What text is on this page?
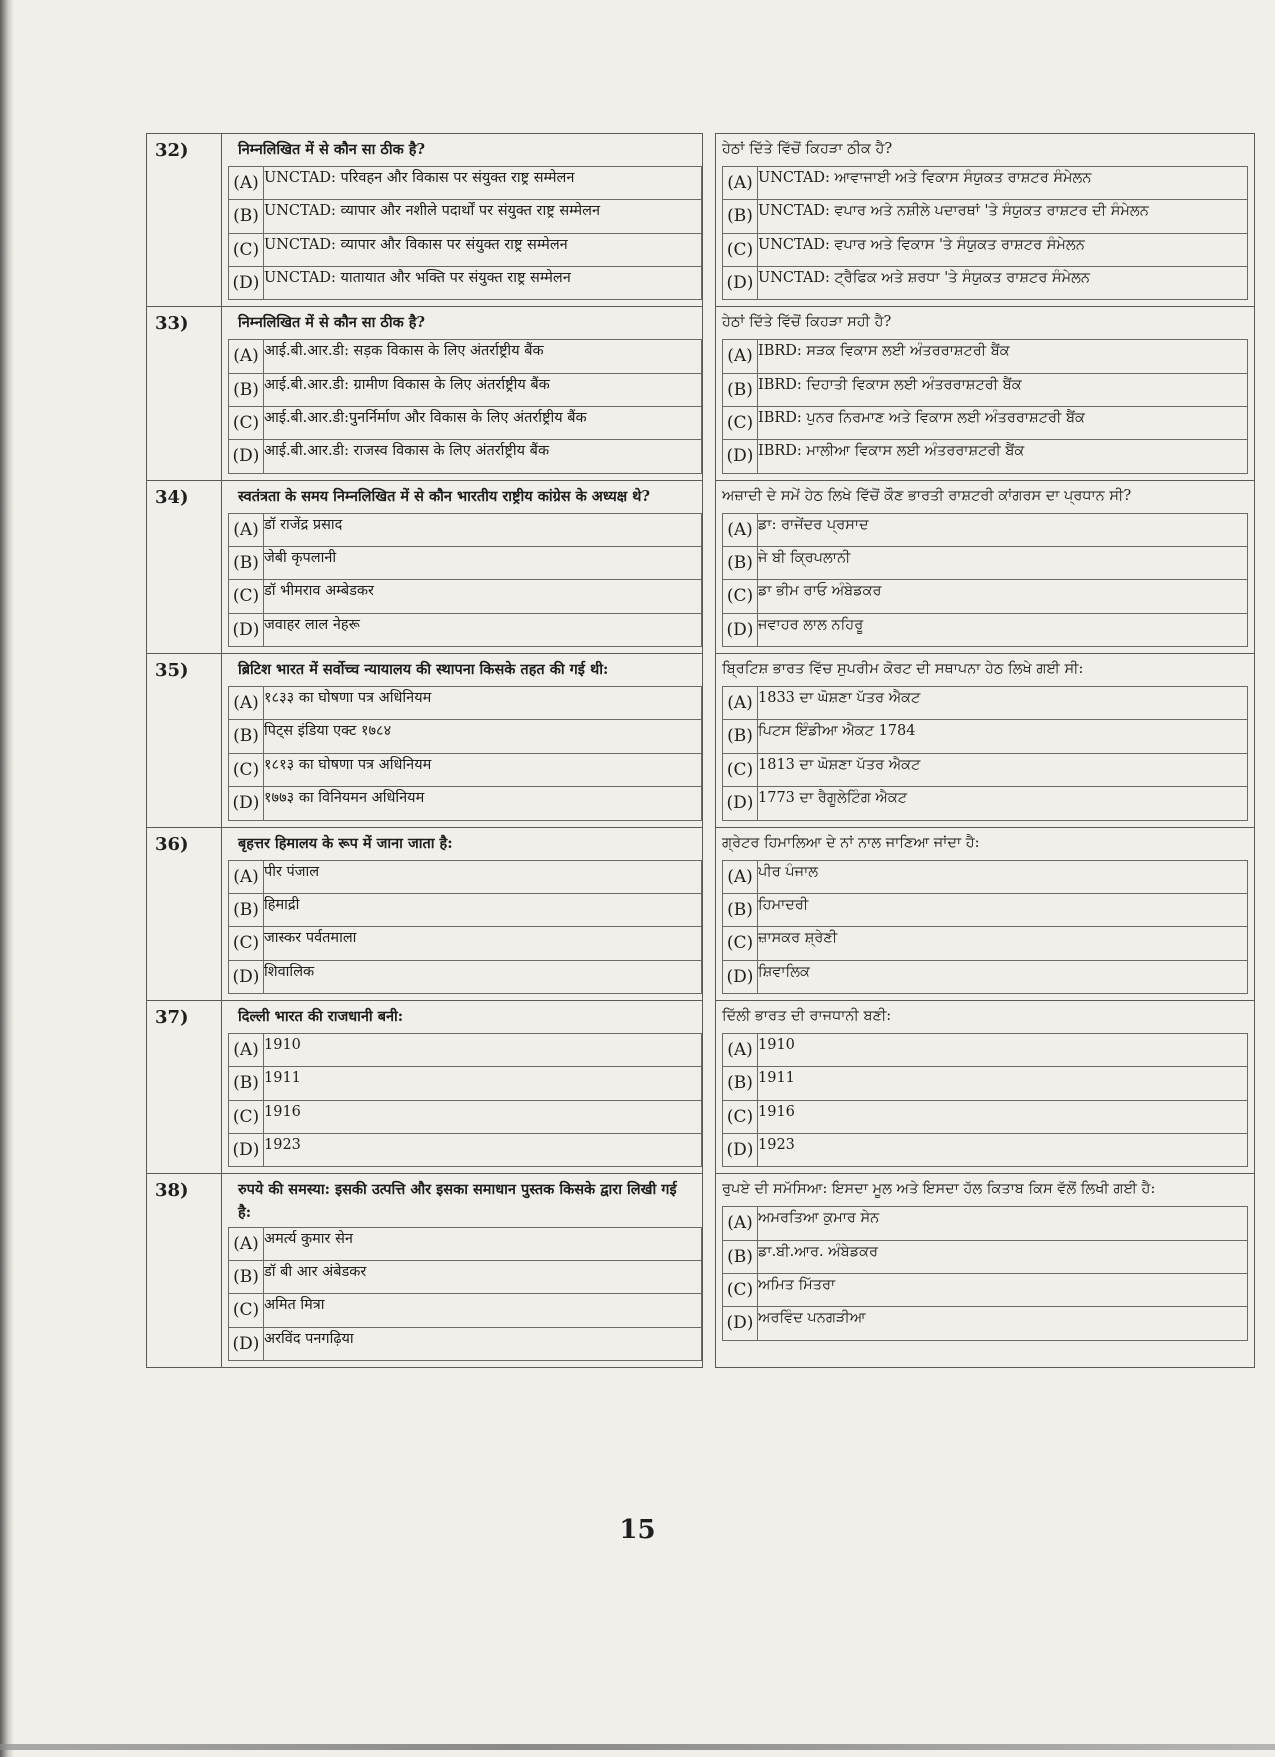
32)	निम्नलिखित में से कौन सा ठीक है?
(A)	UNCTAD: परिवहन और विकास पर संयुक्त राष्ट्र सम्मेलन
(B)	UNCTAD: व्यापार और नशीले पदार्थों पर संयुक्त राष्ट्र सम्मेलन
(C)	UNCTAD: व्यापार और विकास पर संयुक्त राष्ट्र सम्मेलन
(D)	UNCTAD: यातायात और भक्ति पर संयुक्त राष्ट्र सम्मेलन

ਹੇਠਾਂ ਦਿੱਤੇ ਵਿੱਚੋਂ ਕਿਹੜਾ ਠੀਕ ਹੈ?
(A)	UNCTAD: ਆਵਾਜਾਈ ਅਤੇ ਵਿਕਾਸ ਸੰਯੁਕਤ ਰਾਸ਼ਟਰ ਸੰਮੇਲਨ
(B)	UNCTAD: ਵਪਾਰ ਅਤੇ ਨਸ਼ੀਲੇ ਪਦਾਰਥਾਂ 'ਤੇ ਸੰਯੁਕਤ ਰਾਸ਼ਟਰ ਦੀ ਸੰਮੇਲਨ
(C)	UNCTAD: ਵਪਾਰ ਅਤੇ ਵਿਕਾਸ 'ਤੇ ਸੰਯੁਕਤ ਰਾਸ਼ਟਰ ਸੰਮੇਲਨ
(D)	UNCTAD: ਟ੍ਰੈਫਿਕ ਅਤੇ ਸ਼ਰਧਾ 'ਤੇ ਸੰਯੁਕਤ ਰਾਸ਼ਟਰ ਸੰਮੇਲਨ

33)	निम्नलिखित में से कौन सा ठीक है?
(A)	आई.बी.आर.डी: सड़क विकास के लिए अंतर्राष्ट्रीय बैंक
(B)	आई.बी.आर.डी: ग्रामीण विकास के लिए अंतर्राष्ट्रीय बैंक
(C)	आई.बी.आर.डी:पुनर्निर्माण और विकास के लिए अंतर्राष्ट्रीय बैंक
(D)	आई.बी.आर.डी: राजस्व विकास के लिए अंतर्राष्ट्रीय बैंक

ਹੇਠਾਂ ਦਿੱਤੇ ਵਿੱਚੋਂ ਕਿਹੜਾ ਸਹੀ ਹੈ?
(A)	IBRD: ਸੜਕ ਵਿਕਾਸ ਲਈ ਅੰਤਰਰਾਸ਼ਟਰੀ ਬੈਂਕ
(B)	IBRD: ਦਿਹਾਤੀ ਵਿਕਾਸ ਲਈ ਅੰਤਰਰਾਸ਼ਟਰੀ ਬੈਂਕ
(C)	IBRD: ਪੁਨਰ ਨਿਰਮਾਣ ਅਤੇ ਵਿਕਾਸ ਲਈ ਅੰਤਰਰਾਸ਼ਟਰੀ ਬੈਂਕ
(D)	IBRD: ਮਾਲੀਆ ਵਿਕਾਸ ਲਈ ਅੰਤਰਰਾਸ਼ਟਰੀ ਬੈਂਕ

34)	स्वतंत्रता के समय निम्नलिखित में से कौन भारतीय राष्ट्रीय कांग्रेस के अध्यक्ष थे?
(A)	डॉ राजेंद्र प्रसाद
(B)	जेबी कृपलानी
(C)	डॉ भीमराव अम्बेडकर
(D)	जवाहर लाल नेहरू

ਅਜ਼ਾਦੀ ਦੇ ਸਮੇਂ ਹੇਠ ਲਿਖੇ ਵਿੱਚੋਂ ਕੌਣ ਭਾਰਤੀ ਰਾਸ਼ਟਰੀ ਕਾਂਗਰਸ ਦਾ ਪ੍ਰਧਾਨ ਸੀ?
(A)	ਡਾ: ਰਾਜੇਂਦਰ ਪ੍ਰਸਾਦ
(B)	ਜੇ ਬੀ ਕ੍ਰਿਪਲਾਨੀ
(C)	ਡਾ ਭੀਮ ਰਾਓ ਅੰਬੇਡਕਰ
(D)	ਜਵਾਹਰ ਲਾਲ ਨਹਿਰੂ

35)	ब्रिटिश भारत में सर्वोच्च न्यायालय की स्थापना किसके तहत की गई थी:
(A)	१८३३ का घोषणा पत्र अधिनियम
(B)	पिट्स इंडिया एक्ट १७८४
(C)	१८१३ का घोषणा पत्र अधिनियम
(D)	१७७३ का विनियमन अधिनियम

ਬ੍ਰਿਟਿਸ਼ ਭਾਰਤ ਵਿੱਚ ਸੁਪਰੀਮ ਕੋਰਟ ਦੀ ਸਥਾਪਨਾ ਹੇਠ ਲਿਖੇ ਗਈ ਸੀ:
(A)	1833 ਦਾ ਘੋਸ਼ਣਾ ਪੱਤਰ ਐਕਟ
(B)	ਪਿਟਸ ਇੰਡੀਆ ਐਕਟ 1784
(C)	1813 ਦਾ ਘੋਸ਼ਣਾ ਪੱਤਰ ਐਕਟ
(D)	1773 ਦਾ ਰੈਗੂਲੇਟਿੰਗ ਐਕਟ

36)	बृहत्तर हिमालय के रूप में जाना जाता है:
(A)	पीर पंजाल
(B)	हिमाद्री
(C)	जास्कर पर्वतमाला
(D)	शिवालिक

ਗ੍ਰੇਟਰ ਹਿਮਾਲਿਆ ਦੇ ਨਾਂ ਨਾਲ ਜਾਣਿਆ ਜਾਂਦਾ ਹੈ:
(A)	ਪੀਰ ਪੰਜਾਲ
(B)	ਹਿਮਾਦਰੀ
(C)	ਜ਼ਾਸਕਰ ਸ਼੍ਰੇਣੀ
(D)	ਸ਼ਿਵਾਲਿਕ

37)	दिल्ली भारत की राजधानी बनी:
(A)	1910
(B)	1911
(C)	1916
(D)	1923

ਦਿੱਲੀ ਭਾਰਤ ਦੀ ਰਾਜਧਾਨੀ ਬਣੀ:
(A)	1910
(B)	1911
(C)	1916
(D)	1923

38)	रुपये की समस्या: इसकी उत्पत्ति और इसका समाधान पुस्तक किसके द्वारा लिखी गई है:
(A)	अमर्त्य कुमार सेन
(B)	डॉ बी आर अंबेडकर
(C)	अमित मित्रा
(D)	अरविंद पनगढ़िया

ਰੁਪਏ ਦੀ ਸਮੱਸਿਆ: ਇਸਦਾ ਮੂਲ ਅਤੇ ਇਸਦਾ ਹੱਲ ਕਿਤਾਬ ਕਿਸ ਵੱਲੋਂ ਲਿਖੀ ਗਈ ਹੈ:
(A)	ਅਮਰਤਿਆ ਕੁਮਾਰ ਸੇਨ
(B)	ਡਾ.ਬੀ.ਆਰ. ਅੰਬੇਡਕਰ
(C)	ਅਮਿਤ ਮਿੱਤਰਾ
(D)	ਅਰਵਿੰਦ ਪਨਗੜੀਆ
15
